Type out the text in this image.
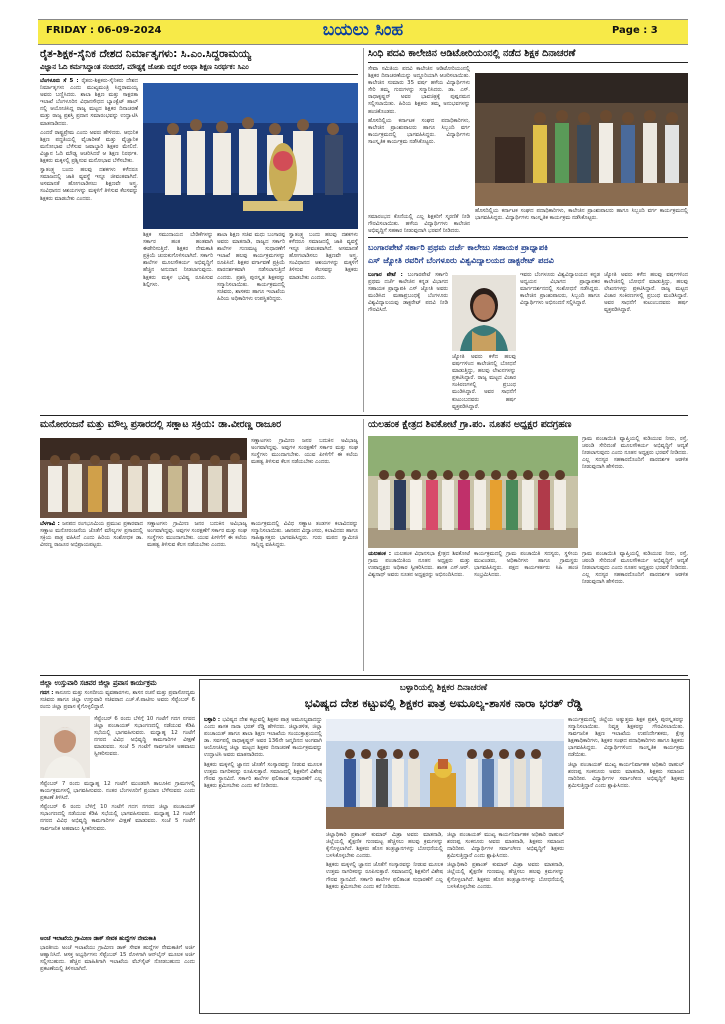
FRIDAY : 06-09-2024	ಬಯಲು ಸಿಂಹ	Page : 3
ರೈತ-ಶಿಕ್ಷಕ-ಸೈನಿಕ ದೇಶದ ನಿರ್ಮಾತೃಗಳು: ಸಿ.ಎಂ.ಸಿದ್ದರಾಮಯ್ಯ
ವಿಜ್ಞಾನ ಓದಿ ಕರ್ಮಸಿದ್ಧಾಂತ ನಂಬಿದರೆ, ಮೌಢ್ಯಕ್ಕೆ ಜೋತು ಬಿದ್ದರೆ ಅಂಥಾ ಶಿಕ್ಷಣ ನಿರರ್ಥಕ: ಸಿಎಂ

ಬೆಂಗಳೂರು ಸೆ 5 : ರೈತರು-ಶಿಕ್ಷಕರು-ಸೈನಿಕರು ದೇಶದ ನಿರ್ಮಾತೃಗಳು ಎಂದು ಮುಖ್ಯಮಂತ್ರಿ ಸಿದ್ದರಾಮಯ್ಯ ಅವರು ಬಣ್ಣಿಸಿದರು. ಶಾಲಾ ಶಿಕ್ಷಣ ಮತ್ತು ಸಾಕ್ಷರತಾ ಇಲಾಖೆ ಬೆಂಗಳೂರಿನ ವಿಧಾನಸೌಧದ ಬ್ಯಾಂಕ್ವೆಟ್ ಹಾಲ್ ನಲ್ಲಿ ಆಯೋಜಿಸಿದ್ದ ರಾಜ್ಯ ಮಟ್ಟದ ಶಿಕ್ಷಕರ ದಿನಾಚರಣೆ ಮತ್ತು ರಾಜ್ಯ ಪ್ರಶಸ್ತಿ ಪ್ರದಾನ ಸಮಾರಂಭವನ್ನು ಉದ್ಘಾಟಿಸಿ ಮಾತನಾಡಿದರು.

ಎಂದರೆ ರಾಷ್ಟ್ರಪ್ರೇಮ ಎಂದು ಅವರು ಹೇಳಿದರು. ಆಧುನಿಕ ಶಿಕ್ಷಣ ಪದ್ಧತಿಯಲ್ಲಿ ವೈಚಾರಿಕತೆ ಮತ್ತು ವೈಜ್ಞಾನಿಕ ಮನೋಭಾವ ಬೆಳೆಸುವ ಜವಾಬ್ದಾರಿ ಶಿಕ್ಷಕರ ಮೇಲಿದೆ. ವಿಜ್ಞಾನ ಓದಿ ಮೌಢ್ಯ ಆಚರಿಸಿದರೆ ಆ ಶಿಕ್ಷಣ ನಿರರ್ಥಕ. ಶಿಕ್ಷಕರು ಮಕ್ಕಳಲ್ಲಿ ಪ್ರಶ್ನಿಸುವ ಮನೋಭಾವ ಬೆಳೆಸಬೇಕು.

ಸ್ವಾತಂತ್ರ್ಯ ಬಂದು ಹಲವು ದಶಕಗಳು ಕಳೆದರೂ ಸಮಾಜದಲ್ಲಿ ಜಾತಿ ವ್ಯವಸ್ಥೆ ಇನ್ನೂ ಜೀವಂತವಾಗಿದೆ. ಅಸಮಾನತೆ ಹೋಗಲಾಡಿಸಲು ಶಿಕ್ಷಣವೇ ಅಸ್ತ್ರ. ಸಂವಿಧಾನದ ಆಶಯಗಳನ್ನು ಮಕ್ಕಳಿಗೆ ತಿಳಿಸುವ ಕೆಲಸವನ್ನು ಶಿಕ್ಷಕರು ಮಾಡಬೇಕು ಎಂದರು.

ಶಿಕ್ಷಕ ಸಮುದಾಯದ ಬೇಡಿಕೆಗಳನ್ನು ಸರ್ಕಾರ ಹಂತ ಹಂತವಾಗಿ ಈಡೇರಿಸುತ್ತಿದೆ. ಶಿಕ್ಷಕರ ನೇಮಕಾತಿ ಪ್ರಕ್ರಿಯೆ ಚುರುಕುಗೊಳಿಸಲಾಗಿದೆ. ಸರ್ಕಾರಿ ಶಾಲೆಗಳ ಮೂಲಸೌಕರ್ಯ ಅಭಿವೃದ್ಧಿಗೆ ಹೆಚ್ಚಿನ ಅನುದಾನ ನೀಡಲಾಗುವುದು. ಶಿಕ್ಷಕರು ಮಕ್ಕಳ ಭವಿಷ್ಯ ರೂಪಿಸುವ ಶಿಲ್ಪಿಗಳು.

ಶಾಲಾ ಶಿಕ್ಷಣ ಸಚಿವ ಮಧು ಬಂಗಾರಪ್ಪ ಅವರು ಮಾತನಾಡಿ, ರಾಜ್ಯದ ಸರ್ಕಾರಿ ಶಾಲೆಗಳ ಗುಣಮಟ್ಟ ಸುಧಾರಣೆಗೆ ಇಲಾಖೆ ಹಲವು ಕಾರ್ಯಕ್ರಮಗಳನ್ನು ರೂಪಿಸಿದೆ. ಶಿಕ್ಷಕರ ವರ್ಗಾವಣೆ ಪ್ರಕ್ರಿಯೆ ಪಾರದರ್ಶಕವಾಗಿ ನಡೆಸಲಾಗುತ್ತಿದೆ ಎಂದರು. ಪ್ರಶಸ್ತಿ ಪುರಸ್ಕೃತ ಶಿಕ್ಷಕರನ್ನು ಸನ್ಮಾನಿಸಲಾಯಿತು. ಕಾರ್ಯಕ್ರಮದಲ್ಲಿ ಸಚಿವರು, ಶಾಸಕರು ಹಾಗೂ ಇಲಾಖೆಯ ಹಿರಿಯ ಅಧಿಕಾರಿಗಳು ಉಪಸ್ಥಿತರಿದ್ದರು.

ಸ್ವಾತಂತ್ರ್ಯ ಬಂದು ಹಲವು ದಶಕಗಳು ಕಳೆದರೂ ಸಮಾಜದಲ್ಲಿ ಜಾತಿ ವ್ಯವಸ್ಥೆ ಇನ್ನೂ ಜೀವಂತವಾಗಿದೆ. ಅಸಮಾನತೆ ಹೋಗಲಾಡಿಸಲು ಶಿಕ್ಷಣವೇ ಅಸ್ತ್ರ. ಸಂವಿಧಾನದ ಆಶಯಗಳನ್ನು ಮಕ್ಕಳಿಗೆ ತಿಳಿಸುವ ಕೆಲಸವನ್ನು ಶಿಕ್ಷಕರು ಮಾಡಬೇಕು ಎಂದರು.

ಸಿಂಧಿ ಪದವಿ ಕಾಲೇಜಿನ ಆಡಿಟೋರಿಯಂನಲ್ಲಿ ನಡೆದ ಶಿಕ್ಷಕ ದಿನಾಚರಣೆ

ಸೇವಾ ಸಮಿತಿಯ ಪದವಿ ಕಾಲೇಜಿನ ಆಡಿಟೋರಿಯಂನಲ್ಲಿ ಶಿಕ್ಷಕರ ದಿನಾಚರಣೆಯನ್ನು ಅದ್ದೂರಿಯಾಗಿ ಆಚರಿಸಲಾಯಿತು. ಕಾಲೇಜಿನ ಸುಮಾರು 35 ವರ್ಷ ಹಳೆಯ ವಿದ್ಯಾರ್ಥಿಗಳು ಸೇರಿ ತಮ್ಮ ಗುರುಗಳನ್ನು ಸನ್ಮಾನಿಸಿದರು. ಡಾ. ಎಸ್. ರಾಧಾಕೃಷ್ಣನ್ ಅವರ ಭಾವಚಿತ್ರಕ್ಕೆ ಪುಷ್ಪನಮನ ಸಲ್ಲಿಸಲಾಯಿತು. ಹಿರಿಯ ಶಿಕ್ಷಕರು ತಮ್ಮ ಅನುಭವಗಳನ್ನು ಹಂಚಿಕೊಂಡರು.

ಹೊಸದಿಲ್ಲಿಯ ಕರ್ನಾಟಕ ಸಂಘದ ಪದಾಧಿಕಾರಿಗಳು, ಕಾಲೇಜಿನ ಪ್ರಾಂಶುಪಾಲರು ಹಾಗೂ ಸಿಬ್ಬಂದಿ ವರ್ಗ ಕಾರ್ಯಕ್ರಮದಲ್ಲಿ ಭಾಗವಹಿಸಿದ್ದರು. ವಿದ್ಯಾರ್ಥಿಗಳು ಸಾಂಸ್ಕೃತಿಕ ಕಾರ್ಯಕ್ರಮ ನಡೆಸಿಕೊಟ್ಟರು.

ಸಮಾರಂಭದ ಕೊನೆಯಲ್ಲಿ ಎಲ್ಲ ಶಿಕ್ಷಕರಿಗೆ ಸ್ಮರಣಿಕೆ ನೀಡಿ ಗೌರವಿಸಲಾಯಿತು. ಹಳೆಯ ವಿದ್ಯಾರ್ಥಿಗಳು ಕಾಲೇಜಿನ ಅಭಿವೃದ್ಧಿಗೆ ಸಹಕಾರ ನೀಡುವುದಾಗಿ ಭರವಸೆ ನೀಡಿದರು.

ಹೊಸದಿಲ್ಲಿಯ ಕರ್ನಾಟಕ ಸಂಘದ ಪದಾಧಿಕಾರಿಗಳು, ಕಾಲೇಜಿನ ಪ್ರಾಂಶುಪಾಲರು ಹಾಗೂ ಸಿಬ್ಬಂದಿ ವರ್ಗ ಕಾರ್ಯಕ್ರಮದಲ್ಲಿ ಭಾಗವಹಿಸಿದ್ದರು. ವಿದ್ಯಾರ್ಥಿಗಳು ಸಾಂಸ್ಕೃತಿಕ ಕಾರ್ಯಕ್ರಮ ನಡೆಸಿಕೊಟ್ಟರು.

ಬಂಗಾರಪೇಟೆ ಸರ್ಕಾರಿ ಪ್ರಥಮ ದರ್ಜೆ ಕಾಲೇಜು ಸಹಾಯಕ ಪ್ರಾಧ್ಯಾಪಕಿ
ಎಸ್ ಜ್ಯೋತಿ ರವರಿಗೆ ಬೆಂಗಳೂರು ವಿಶ್ವವಿದ್ಯಾಲಯದ ಡಾಕ್ಟರೇಟ್ ಪದವಿ

ಬಂಗಾರ ಪೇಟೆ : ಬಂಗಾರಪೇಟೆ ಸರ್ಕಾರಿ ಪ್ರಥಮ ದರ್ಜೆ ಕಾಲೇಜಿನ ಕನ್ನಡ ವಿಭಾಗದ ಸಹಾಯಕ ಪ್ರಾಧ್ಯಾಪಕಿ ಎಸ್ ಜ್ಯೋತಿ ಅವರು ಮಂಡಿಸಿದ ಮಹಾಪ್ರಬಂಧಕ್ಕೆ ಬೆಂಗಳೂರು ವಿಶ್ವವಿದ್ಯಾಲಯವು ಡಾಕ್ಟರೇಟ್ ಪದವಿ ನೀಡಿ ಗೌರವಿಸಿದೆ.

ಜ್ಯೋತಿ ಅವರು ಕಳೆದ ಹಲವು ವರ್ಷಗಳಿಂದ ಕಾಲೇಜಿನಲ್ಲಿ ಬೋಧನೆ ಮಾಡುತ್ತಿದ್ದು, ಹಲವು ಲೇಖನಗಳನ್ನು ಪ್ರಕಟಿಸಿದ್ದಾರೆ. ರಾಜ್ಯ ಮಟ್ಟದ ವಿಚಾರ ಸಂಕಿರಣಗಳಲ್ಲಿ ಪ್ರಬಂಧ ಮಂಡಿಸಿದ್ದಾರೆ. ಅವರ ಸಾಧನೆಗೆ ಕುಟುಂಬದವರು ಹರ್ಷ ವ್ಯಕ್ತಪಡಿಸಿದ್ದಾರೆ.

ಇವರು ಬೆಂಗಳೂರು ವಿಶ್ವವಿದ್ಯಾಲಯದ ಕನ್ನಡ ಅಧ್ಯಯನ ವಿಭಾಗದ ಪ್ರಾಧ್ಯಾಪಕರ ಮಾರ್ಗದರ್ಶನದಲ್ಲಿ ಸಂಶೋಧನೆ ನಡೆಸಿದ್ದರು. ಕಾಲೇಜಿನ ಪ್ರಾಂಶುಪಾಲರು, ಸಿಬ್ಬಂದಿ ಹಾಗೂ ವಿದ್ಯಾರ್ಥಿಗಳು ಅಭಿನಂದನೆ ಸಲ್ಲಿಸಿದ್ದಾರೆ.

ಜ್ಯೋತಿ ಅವರು ಕಳೆದ ಹಲವು ವರ್ಷಗಳಿಂದ ಕಾಲೇಜಿನಲ್ಲಿ ಬೋಧನೆ ಮಾಡುತ್ತಿದ್ದು, ಹಲವು ಲೇಖನಗಳನ್ನು ಪ್ರಕಟಿಸಿದ್ದಾರೆ. ರಾಜ್ಯ ಮಟ್ಟದ ವಿಚಾರ ಸಂಕಿರಣಗಳಲ್ಲಿ ಪ್ರಬಂಧ ಮಂಡಿಸಿದ್ದಾರೆ. ಅವರ ಸಾಧನೆಗೆ ಕುಟುಂಬದವರು ಹರ್ಷ ವ್ಯಕ್ತಪಡಿಸಿದ್ದಾರೆ.

ಮನೋರಂಜನೆ ಮತ್ತು ಮೌಲ್ಯ ಪ್ರಸಾರದಲ್ಲಿ ಸಣ್ಣಾಟ ಸಕ್ರಿಯ: ಡಾ.ವೀರಣ್ಣ ರಾಜೂರ

ಸಣ್ಣಾಟಗಳು ಗ್ರಾಮೀಣ ಜನರ ಬದುಕಿನ ಅವಿಭಾಜ್ಯ ಅಂಗವಾಗಿದ್ದವು. ಅವುಗಳ ಸಂರಕ್ಷಣೆಗೆ ಸರ್ಕಾರ ಮತ್ತು ಸಂಘ ಸಂಸ್ಥೆಗಳು ಮುಂದಾಗಬೇಕು. ಯುವ ಪೀಳಿಗೆಗೆ ಈ ಕಲೆಯ ಮಹತ್ವ ತಿಳಿಸುವ ಕೆಲಸ ನಡೆಯಬೇಕು ಎಂದರು.

ಬೆಳಗಾವಿ : ಜನಪದ ರಂಗಭೂಮಿಯ ಪ್ರಮುಖ ಪ್ರಕಾರವಾದ ಸಣ್ಣಾಟ ಮನೋರಂಜನೆಯ ಜೊತೆಗೆ ಮೌಲ್ಯಗಳ ಪ್ರಸಾರದಲ್ಲಿ ಸಕ್ರಿಯ ಪಾತ್ರ ವಹಿಸಿದೆ ಎಂದು ಹಿರಿಯ ಸಂಶೋಧಕ ಡಾ. ವೀರಣ್ಣ ರಾಜೂರ ಅಭಿಪ್ರಾಯಪಟ್ಟರು.

ಸಣ್ಣಾಟಗಳು ಗ್ರಾಮೀಣ ಜನರ ಬದುಕಿನ ಅವಿಭಾಜ್ಯ ಅಂಗವಾಗಿದ್ದವು. ಅವುಗಳ ಸಂರಕ್ಷಣೆಗೆ ಸರ್ಕಾರ ಮತ್ತು ಸಂಘ ಸಂಸ್ಥೆಗಳು ಮುಂದಾಗಬೇಕು. ಯುವ ಪೀಳಿಗೆಗೆ ಈ ಕಲೆಯ ಮಹತ್ವ ತಿಳಿಸುವ ಕೆಲಸ ನಡೆಯಬೇಕು ಎಂದರು.

ಕಾರ್ಯಕ್ರಮದಲ್ಲಿ ವಿವಿಧ ಸಣ್ಣಾಟ ತಂಡಗಳ ಕಲಾವಿದರನ್ನು ಸನ್ಮಾನಿಸಲಾಯಿತು. ಜಾನಪದ ವಿದ್ವಾಂಸರು, ಕಲಾವಿದರು ಹಾಗೂ ಸಾಹಿತ್ಯಾಸಕ್ತರು ಭಾಗವಹಿಸಿದ್ದರು. ಗುರು ಮಠದ ಸ್ವಾಮೀಜಿ ಸಾನ್ನಿಧ್ಯ ವಹಿಸಿದ್ದರು.

ಯಲಹಂಕ ಕ್ಷೇತ್ರದ ಶಿವಕೋಟೆ ಗ್ರಾ.ಪಂ. ನೂತನ ಅಧ್ಯಕ್ಷರ ಪದಗ್ರಹಣ

ಗ್ರಾಮ ಪಂಚಾಯಿತಿ ವ್ಯಾಪ್ತಿಯಲ್ಲಿ ಕುಡಿಯುವ ನೀರು, ರಸ್ತೆ, ಚರಂಡಿ ಸೇರಿದಂತೆ ಮೂಲಸೌಕರ್ಯ ಅಭಿವೃದ್ಧಿಗೆ ಆದ್ಯತೆ ನೀಡಲಾಗುವುದು ಎಂದು ನೂತನ ಅಧ್ಯಕ್ಷರು ಭರವಸೆ ನೀಡಿದರು. ಎಲ್ಲ ಸದಸ್ಯರ ಸಹಕಾರದೊಂದಿಗೆ ಪಾರದರ್ಶಕ ಆಡಳಿತ ನೀಡುವುದಾಗಿ ಹೇಳಿದರು.

ಯಲಹಂಕ : ಯಲಹಂಕ ವಿಧಾನಸಭಾ ಕ್ಷೇತ್ರದ ಶಿವಕೋಟೆ ಗ್ರಾಮ ಪಂಚಾಯಿತಿಯ ನೂತನ ಅಧ್ಯಕ್ಷರು ಮತ್ತು ಉಪಾಧ್ಯಕ್ಷರು ಅಧಿಕಾರ ಸ್ವೀಕರಿಸಿದರು. ಶಾಸಕ ಎಸ್.ಆರ್. ವಿಶ್ವನಾಥ್ ಅವರು ನೂತನ ಅಧ್ಯಕ್ಷರನ್ನು ಅಭಿನಂದಿಸಿದರು.

ಕಾರ್ಯಕ್ರಮದಲ್ಲಿ ಗ್ರಾಮ ಪಂಚಾಯಿತಿ ಸದಸ್ಯರು, ಸ್ಥಳೀಯ ಮುಖಂಡರು, ಅಧಿಕಾರಿಗಳು ಹಾಗೂ ಗ್ರಾಮಸ್ಥರು ಭಾಗವಹಿಸಿದ್ದರು. ಪಕ್ಷದ ಕಾರ್ಯಕರ್ತರು ಸಿಹಿ ಹಂಚಿ ಸಂಭ್ರಮಿಸಿದರು.

ಗ್ರಾಮ ಪಂಚಾಯಿತಿ ವ್ಯಾಪ್ತಿಯಲ್ಲಿ ಕುಡಿಯುವ ನೀರು, ರಸ್ತೆ, ಚರಂಡಿ ಸೇರಿದಂತೆ ಮೂಲಸೌಕರ್ಯ ಅಭಿವೃದ್ಧಿಗೆ ಆದ್ಯತೆ ನೀಡಲಾಗುವುದು ಎಂದು ನೂತನ ಅಧ್ಯಕ್ಷರು ಭರವಸೆ ನೀಡಿದರು. ಎಲ್ಲ ಸದಸ್ಯರ ಸಹಕಾರದೊಂದಿಗೆ ಪಾರದರ್ಶಕ ಆಡಳಿತ ನೀಡುವುದಾಗಿ ಹೇಳಿದರು.

ಜಿಲ್ಲಾ ಉಸ್ತುವಾರಿ ಸಚಿವರ ಜಿಲ್ಲಾ ಪ್ರವಾಸ ಕಾರ್ಯಕ್ರಮ

ಗದಗ : ಕಾನೂನು ಮತ್ತು ಸಂಸದೀಯ ವ್ಯವಹಾರಗಳು, ಶಾಸನ ರಚನೆ ಮತ್ತು ಪ್ರವಾಸೋದ್ಯಮ ಸಚಿವರು ಹಾಗೂ ಜಿಲ್ಲಾ ಉಸ್ತುವಾರಿ ಸಚಿವರಾದ ಎಚ್.ಕೆ.ಪಾಟೀಲ ಅವರು ಸೆಪ್ಟೆಂಬರ್ 6 ರಂದು ಜಿಲ್ಲಾ ಪ್ರವಾಸ ಕೈಗೊಳ್ಳಲಿದ್ದಾರೆ.

ಸೆಪ್ಟೆಂಬರ್ 6 ರಂದು ಬೆಳಿಗ್ಗೆ 10 ಗಂಟೆಗೆ ಗದಗ ನಗರದ ಜಿಲ್ಲಾ ಪಂಚಾಯತ್ ಸಭಾಂಗಣದಲ್ಲಿ ನಡೆಯುವ ಕೆಡಿಪಿ ಸಭೆಯಲ್ಲಿ ಭಾಗವಹಿಸುವರು. ಮಧ್ಯಾಹ್ನ 12 ಗಂಟೆಗೆ ನಗರದ ವಿವಿಧ ಅಭಿವೃದ್ಧಿ ಕಾಮಗಾರಿಗಳ ವೀಕ್ಷಣೆ ಮಾಡುವರು. ಸಂಜೆ 5 ಗಂಟೆಗೆ ಸಾರ್ವಜನಿಕ ಅಹವಾಲು ಸ್ವೀಕರಿಸುವರು.

ಸೆಪ್ಟೆಂಬರ್ 7 ರಂದು ಮಧ್ಯಾಹ್ನ 12 ಗಂಟೆಗೆ ಮುಂಡರಗಿ ತಾಲೂಕಿನ ಗ್ರಾಮಗಳಲ್ಲಿ ಕಾರ್ಯಕ್ರಮಗಳಲ್ಲಿ ಭಾಗವಹಿಸುವರು. ನಂತರ ಬೆಂಗಳೂರಿಗೆ ಪ್ರಯಾಣ ಬೆಳೆಸುವರು ಎಂದು ಪ್ರಕಟಣೆ ತಿಳಿಸಿದೆ.

ಸೆಪ್ಟೆಂಬರ್ 6 ರಂದು ಬೆಳಿಗ್ಗೆ 10 ಗಂಟೆಗೆ ಗದಗ ನಗರದ ಜಿಲ್ಲಾ ಪಂಚಾಯತ್ ಸಭಾಂಗಣದಲ್ಲಿ ನಡೆಯುವ ಕೆಡಿಪಿ ಸಭೆಯಲ್ಲಿ ಭಾಗವಹಿಸುವರು. ಮಧ್ಯಾಹ್ನ 12 ಗಂಟೆಗೆ ನಗರದ ವಿವಿಧ ಅಭಿವೃದ್ಧಿ ಕಾಮಗಾರಿಗಳ ವೀಕ್ಷಣೆ ಮಾಡುವರು. ಸಂಜೆ 5 ಗಂಟೆಗೆ ಸಾರ್ವಜನಿಕ ಅಹವಾಲು ಸ್ವೀಕರಿಸುವರು.

ಅಂಚೆ ಇಲಾಖೆಯ ಗ್ರಾಮೀಣ ಡಾಕ್ ಸೇವಕ ಹುದ್ದೆಗಳ ನೇಮಕಾತಿ

ಭಾರತೀಯ ಅಂಚೆ ಇಲಾಖೆಯು ಗ್ರಾಮೀಣ ಡಾಕ್ ಸೇವಕ ಹುದ್ದೆಗಳ ನೇಮಕಾತಿಗೆ ಅರ್ಜಿ ಆಹ್ವಾನಿಸಿದೆ. ಆಸಕ್ತ ಅಭ್ಯರ್ಥಿಗಳು ಸೆಪ್ಟೆಂಬರ್ 15 ರೊಳಗಾಗಿ ಆನ್‌ಲೈನ್ ಮೂಲಕ ಅರ್ಜಿ ಸಲ್ಲಿಸಬಹುದು. ಹೆಚ್ಚಿನ ಮಾಹಿತಿಗಾಗಿ ಇಲಾಖೆಯ ವೆಬ್‌ಸೈಟ್ ನೋಡಬಹುದು ಎಂದು ಪ್ರಕಟಣೆಯಲ್ಲಿ ತಿಳಿಸಲಾಗಿದೆ.

ಬಳ್ಳಾರಿಯಲ್ಲಿ ಶಿಕ್ಷಕರ ದಿನಾಚರಣೆ
ಭವಿಷ್ಯದ ದೇಶ ಕಟ್ಟುವಲ್ಲಿ ಶಿಕ್ಷಕರ ಪಾತ್ರ ಅಮೂಲ್ಯ-ಶಾಸಕ ನಾರಾ ಭರತ್ ರೆಡ್ಡಿ

ಬಳ್ಳಾರಿ : ಭವಿಷ್ಯದ ದೇಶ ಕಟ್ಟುವಲ್ಲಿ ಶಿಕ್ಷಕರ ಪಾತ್ರ ಅಮೂಲ್ಯವಾದದ್ದು ಎಂದು ಶಾಸಕ ನಾರಾ ಭರತ್ ರೆಡ್ಡಿ ಹೇಳಿದರು. ಜಿಲ್ಲಾಡಳಿತ, ಜಿಲ್ಲಾ ಪಂಚಾಯತ್ ಹಾಗೂ ಶಾಲಾ ಶಿಕ್ಷಣ ಇಲಾಖೆಯ ಸಂಯುಕ್ತಾಶ್ರಯದಲ್ಲಿ ಡಾ. ಸರ್ವಪಲ್ಲಿ ರಾಧಾಕೃಷ್ಣನ್ ಅವರ 136ನೇ ಜನ್ಮದಿನದ ಅಂಗವಾಗಿ ಆಯೋಜಿಸಿದ್ದ ಜಿಲ್ಲಾ ಮಟ್ಟದ ಶಿಕ್ಷಕರ ದಿನಾಚರಣೆ ಕಾರ್ಯಕ್ರಮವನ್ನು ಉದ್ಘಾಟಿಸಿ ಅವರು ಮಾತನಾಡಿದರು.

ಶಿಕ್ಷಕರು ಮಕ್ಕಳಲ್ಲಿ ಜ್ಞಾನದ ಜೊತೆಗೆ ಸಂಸ್ಕಾರವನ್ನು ನೀಡುವ ಮೂಲಕ ಉತ್ತಮ ನಾಗರಿಕರನ್ನು ರೂಪಿಸುತ್ತಾರೆ. ಸಮಾಜದಲ್ಲಿ ಶಿಕ್ಷಕರಿಗೆ ವಿಶೇಷ ಗೌರವ ಸ್ಥಾನವಿದೆ. ಸರ್ಕಾರಿ ಶಾಲೆಗಳ ಫಲಿತಾಂಶ ಸುಧಾರಣೆಗೆ ಎಲ್ಲ ಶಿಕ್ಷಕರು ಶ್ರಮಿಸಬೇಕು ಎಂದು ಕರೆ ನೀಡಿದರು.

ಜಿಲ್ಲಾಧಿಕಾರಿ ಪ್ರಶಾಂತ್ ಕುಮಾರ್ ಮಿಶ್ರಾ ಅವರು ಮಾತನಾಡಿ, ಜಿಲ್ಲೆಯಲ್ಲಿ ಶೈಕ್ಷಣಿಕ ಗುಣಮಟ್ಟ ಹೆಚ್ಚಿಸಲು ಹಲವು ಕ್ರಮಗಳನ್ನು ಕೈಗೊಳ್ಳಲಾಗಿದೆ. ಶಿಕ್ಷಕರು ಹೊಸ ತಂತ್ರಜ್ಞಾನಗಳನ್ನು ಬೋಧನೆಯಲ್ಲಿ ಬಳಸಿಕೊಳ್ಳಬೇಕು ಎಂದರು.

ಶಿಕ್ಷಕರು ಮಕ್ಕಳಲ್ಲಿ ಜ್ಞಾನದ ಜೊತೆಗೆ ಸಂಸ್ಕಾರವನ್ನು ನೀಡುವ ಮೂಲಕ ಉತ್ತಮ ನಾಗರಿಕರನ್ನು ರೂಪಿಸುತ್ತಾರೆ. ಸಮಾಜದಲ್ಲಿ ಶಿಕ್ಷಕರಿಗೆ ವಿಶೇಷ ಗೌರವ ಸ್ಥಾನವಿದೆ. ಸರ್ಕಾರಿ ಶಾಲೆಗಳ ಫಲಿತಾಂಶ ಸುಧಾರಣೆಗೆ ಎಲ್ಲ ಶಿಕ್ಷಕರು ಶ್ರಮಿಸಬೇಕು ಎಂದು ಕರೆ ನೀಡಿದರು.

ಜಿಲ್ಲಾ ಪಂಚಾಯತ್ ಮುಖ್ಯ ಕಾರ್ಯನಿರ್ವಾಹಕ ಅಧಿಕಾರಿ ರಾಹುಲ್ ಶರಣಪ್ಪ ಸಂಕನೂರು ಅವರು ಮಾತನಾಡಿ, ಶಿಕ್ಷಕರು ಸಮಾಜದ ದಾರಿದೀಪ. ವಿದ್ಯಾರ್ಥಿಗಳ ಸರ್ವಾಂಗೀಣ ಅಭಿವೃದ್ಧಿಗೆ ಶಿಕ್ಷಕರು ಶ್ರಮಿಸುತ್ತಿದ್ದಾರೆ ಎಂದು ಶ್ಲಾಘಿಸಿದರು.

ಜಿಲ್ಲಾಧಿಕಾರಿ ಪ್ರಶಾಂತ್ ಕುಮಾರ್ ಮಿಶ್ರಾ ಅವರು ಮಾತನಾಡಿ, ಜಿಲ್ಲೆಯಲ್ಲಿ ಶೈಕ್ಷಣಿಕ ಗುಣಮಟ್ಟ ಹೆಚ್ಚಿಸಲು ಹಲವು ಕ್ರಮಗಳನ್ನು ಕೈಗೊಳ್ಳಲಾಗಿದೆ. ಶಿಕ್ಷಕರು ಹೊಸ ತಂತ್ರಜ್ಞಾನಗಳನ್ನು ಬೋಧನೆಯಲ್ಲಿ ಬಳಸಿಕೊಳ್ಳಬೇಕು ಎಂದರು.

ಕಾರ್ಯಕ್ರಮದಲ್ಲಿ ಜಿಲ್ಲೆಯ ಅತ್ಯುತ್ತಮ ಶಿಕ್ಷಕ ಪ್ರಶಸ್ತಿ ಪುರಸ್ಕೃತರನ್ನು ಸನ್ಮಾನಿಸಲಾಯಿತು. ನಿವೃತ್ತ ಶಿಕ್ಷಕರನ್ನು ಗೌರವಿಸಲಾಯಿತು. ಸಾರ್ವಜನಿಕ ಶಿಕ್ಷಣ ಇಲಾಖೆಯ ಉಪನಿರ್ದೇಶಕರು, ಕ್ಷೇತ್ರ ಶಿಕ್ಷಣಾಧಿಕಾರಿಗಳು, ಶಿಕ್ಷಕರ ಸಂಘದ ಪದಾಧಿಕಾರಿಗಳು ಹಾಗೂ ಶಿಕ್ಷಕರು ಭಾಗವಹಿಸಿದ್ದರು. ವಿದ್ಯಾರ್ಥಿಗಳಿಂದ ಸಾಂಸ್ಕೃತಿಕ ಕಾರ್ಯಕ್ರಮ ನಡೆಯಿತು.

ಜಿಲ್ಲಾ ಪಂಚಾಯತ್ ಮುಖ್ಯ ಕಾರ್ಯನಿರ್ವಾಹಕ ಅಧಿಕಾರಿ ರಾಹುಲ್ ಶರಣಪ್ಪ ಸಂಕನೂರು ಅವರು ಮಾತನಾಡಿ, ಶಿಕ್ಷಕರು ಸಮಾಜದ ದಾರಿದೀಪ. ವಿದ್ಯಾರ್ಥಿಗಳ ಸರ್ವಾಂಗೀಣ ಅಭಿವೃದ್ಧಿಗೆ ಶಿಕ್ಷಕರು ಶ್ರಮಿಸುತ್ತಿದ್ದಾರೆ ಎಂದು ಶ್ಲಾಘಿಸಿದರು.
